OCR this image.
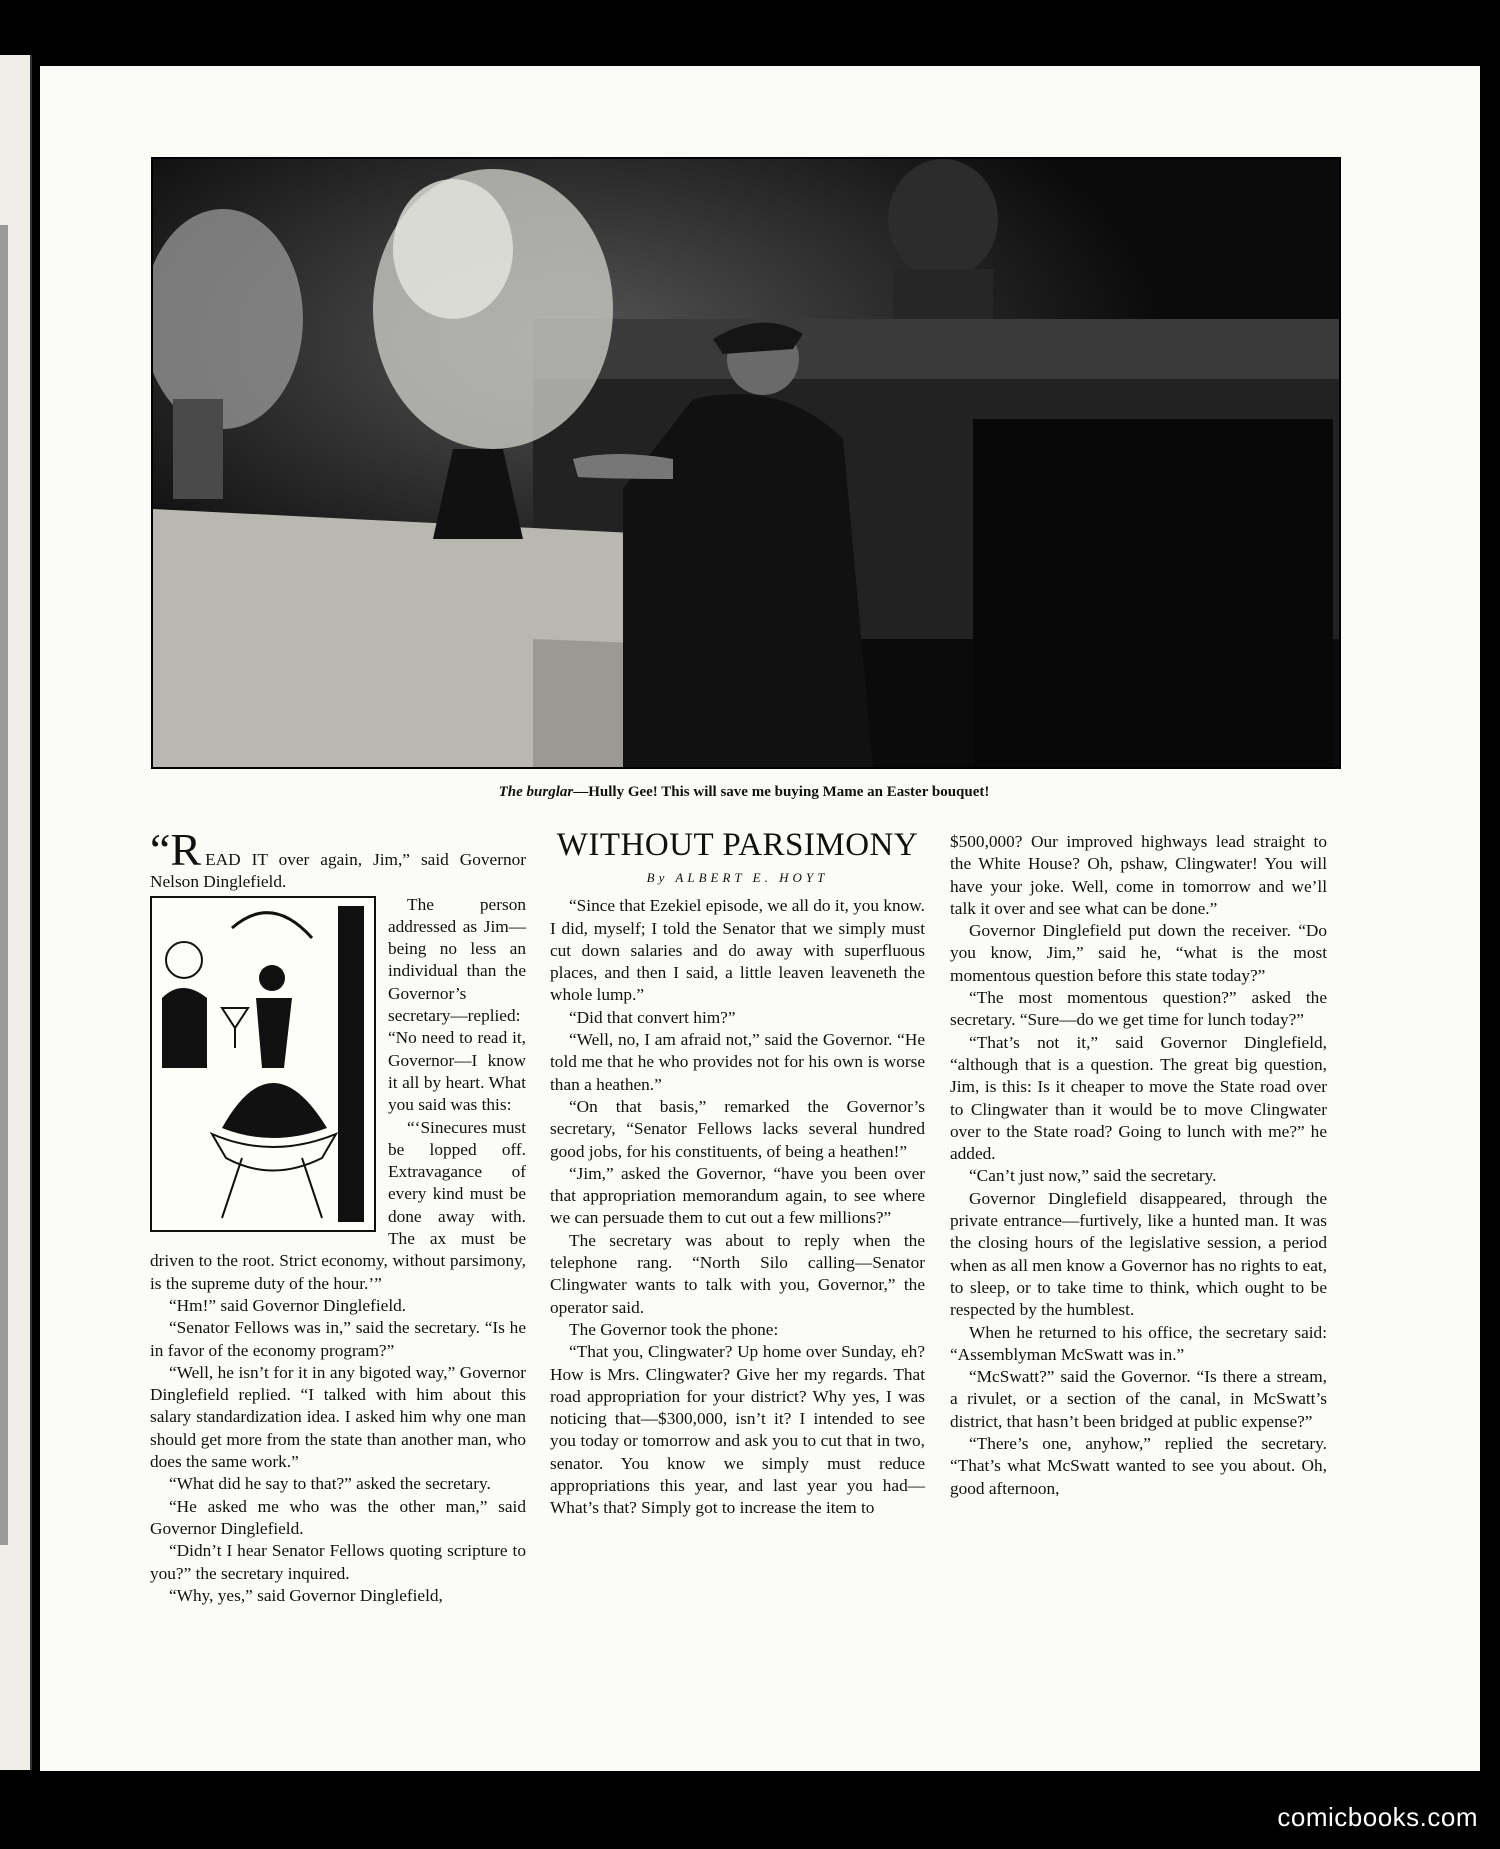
The burglar—Hully Gee! This will save me buying Mame an Easter bouquet!

“READ IT over again, Jim,” said Governor Nelson Dinglefield.

The person addressed as Jim—being no less an individual than the Governor’s secretary—replied: “No need to read it, Governor—I know it all by heart. What you said was this:

“‘Sinecures must be lopped off. Extravagance of every kind must be done away with. The ax must be driven to the root. Strict economy, without parsimony, is the supreme duty of the hour.’”

“Hm!” said Governor Dinglefield.

“Senator Fellows was in,” said the secretary. “Is he in favor of the economy program?”

“Well, he isn’t for it in any bigoted way,” Governor Dinglefield replied. “I talked with him about this salary standardization idea. I asked him why one man should get more from the state than another man, who does the same work.”

“What did he say to that?” asked the secretary.

“He asked me who was the other man,” said Governor Dinglefield.

“Didn’t I hear Senator Fellows quoting scripture to you?” the secretary inquired.

“Why, yes,” said Governor Dinglefield,

WITHOUT PARSIMONY
By ALBERT E. HOYT

“Since that Ezekiel episode, we all do it, you know. I did, myself; I told the Senator that we simply must cut down salaries and do away with superfluous places, and then I said, a little leaven leaveneth the whole lump.”

“Did that convert him?”

“Well, no, I am afraid not,” said the Governor. “He told me that he who provides not for his own is worse than a heathen.”

“On that basis,” remarked the Governor’s secretary, “Senator Fellows lacks several hundred good jobs, for his constituents, of being a heathen!”

“Jim,” asked the Governor, “have you been over that appropriation memorandum again, to see where we can persuade them to cut out a few millions?”

The secretary was about to reply when the telephone rang. “North Silo calling—Senator Clingwater wants to talk with you, Governor,” the operator said.

The Governor took the phone:

“That you, Clingwater? Up home over Sunday, eh? How is Mrs. Clingwater? Give her my regards. That road appropriation for your district? Why yes, I was noticing that—$300,000, isn’t it? I intended to see you today or tomorrow and ask you to cut that in two, senator. You know we simply must reduce appropriations this year, and last year you had— What’s that? Simply got to increase the item to

$500,000? Our improved highways lead straight to the White House? Oh, pshaw, Clingwater! You will have your joke. Well, come in tomorrow and we’ll talk it over and see what can be done.”

Governor Dinglefield put down the receiver. “Do you know, Jim,” said he, “what is the most momentous question before this state today?”

“The most momentous question?” asked the secretary. “Sure—do we get time for lunch today?”

“That’s not it,” said Governor Dinglefield, “although that is a question. The great big question, Jim, is this: Is it cheaper to move the State road over to Clingwater than it would be to move Clingwater over to the State road? Going to lunch with me?” he added.

“Can’t just now,” said the secretary.

Governor Dinglefield disappeared, through the private entrance—furtively, like a hunted man. It was the closing hours of the legislative session, a period when as all men know a Governor has no rights to eat, to sleep, or to take time to think, which ought to be respected by the humblest.

When he returned to his office, the secretary said: “Assemblyman McSwatt was in.”

“McSwatt?” said the Governor. “Is there a stream, a rivulet, or a section of the canal, in McSwatt’s district, that hasn’t been bridged at public expense?”

“There’s one, anyhow,” replied the secretary. “That’s what McSwatt wanted to see you about. Oh, good afternoon,

comicbooks.com
